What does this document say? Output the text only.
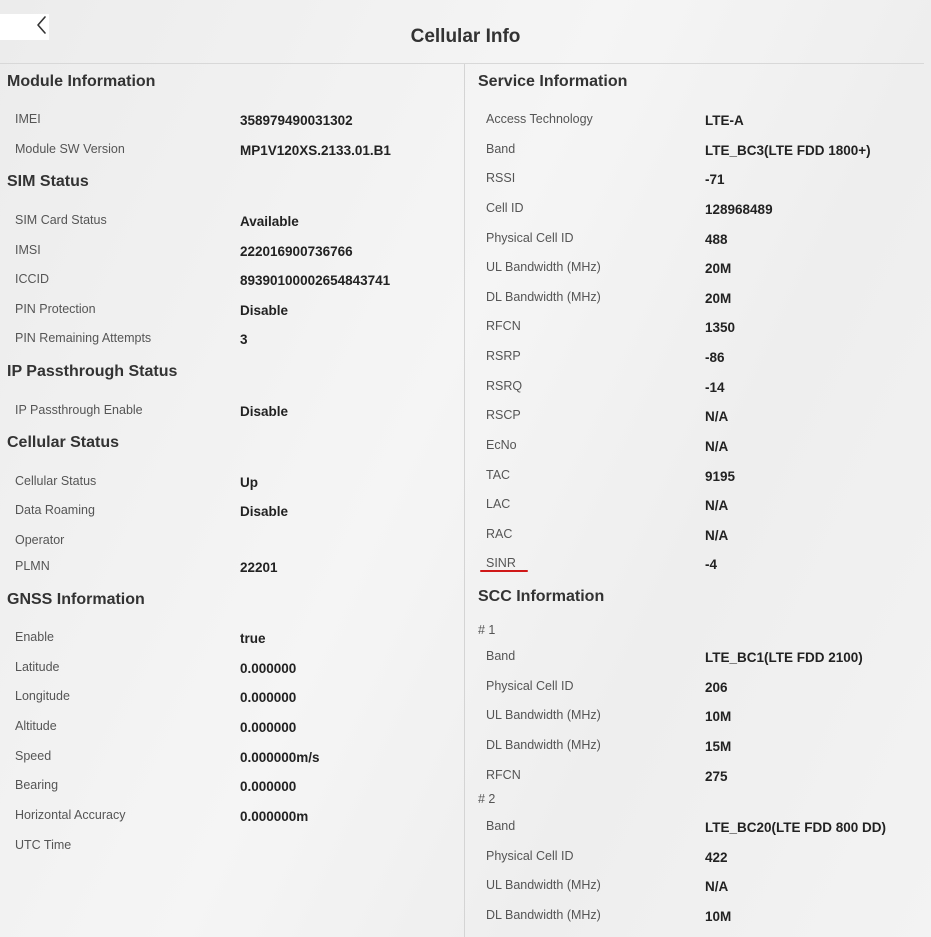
Cellular Info
Module Information
IMEI	358979490031302
Module SW Version	MP1V120XS.2133.01.B1
SIM Status
SIM Card Status	Available
IMSI	222016900736766
ICCID	89390100002654843741
PIN Protection	Disable
PIN Remaining Attempts	3
IP Passthrough Status
IP Passthrough Enable	Disable
Cellular Status
Cellular Status	Up
Data Roaming	Disable
Operator
PLMN	22201
GNSS Information
Enable	true
Latitude	0.000000
Longitude	0.000000
Altitude	0.000000
Speed	0.000000m/s
Bearing	0.000000
Horizontal Accuracy	0.000000m
UTC Time
Service Information
Access Technology	LTE-A
Band	LTE_BC3(LTE FDD 1800+)
RSSI	-71
Cell ID	128968489
Physical Cell ID	488
UL Bandwidth (MHz)	20M
DL Bandwidth (MHz)	20M
RFCN	1350
RSRP	-86
RSRQ	-14
RSCP	N/A
EcNo	N/A
TAC	9195
LAC	N/A
RAC	N/A
SINR	-4
SCC Information
# 1
Band	LTE_BC1(LTE FDD 2100)
Physical Cell ID	206
UL Bandwidth (MHz)	10M
DL Bandwidth (MHz)	15M
RFCN	275
# 2
Band	LTE_BC20(LTE FDD 800 DD)
Physical Cell ID	422
UL Bandwidth (MHz)	N/A
DL Bandwidth (MHz)	10M
